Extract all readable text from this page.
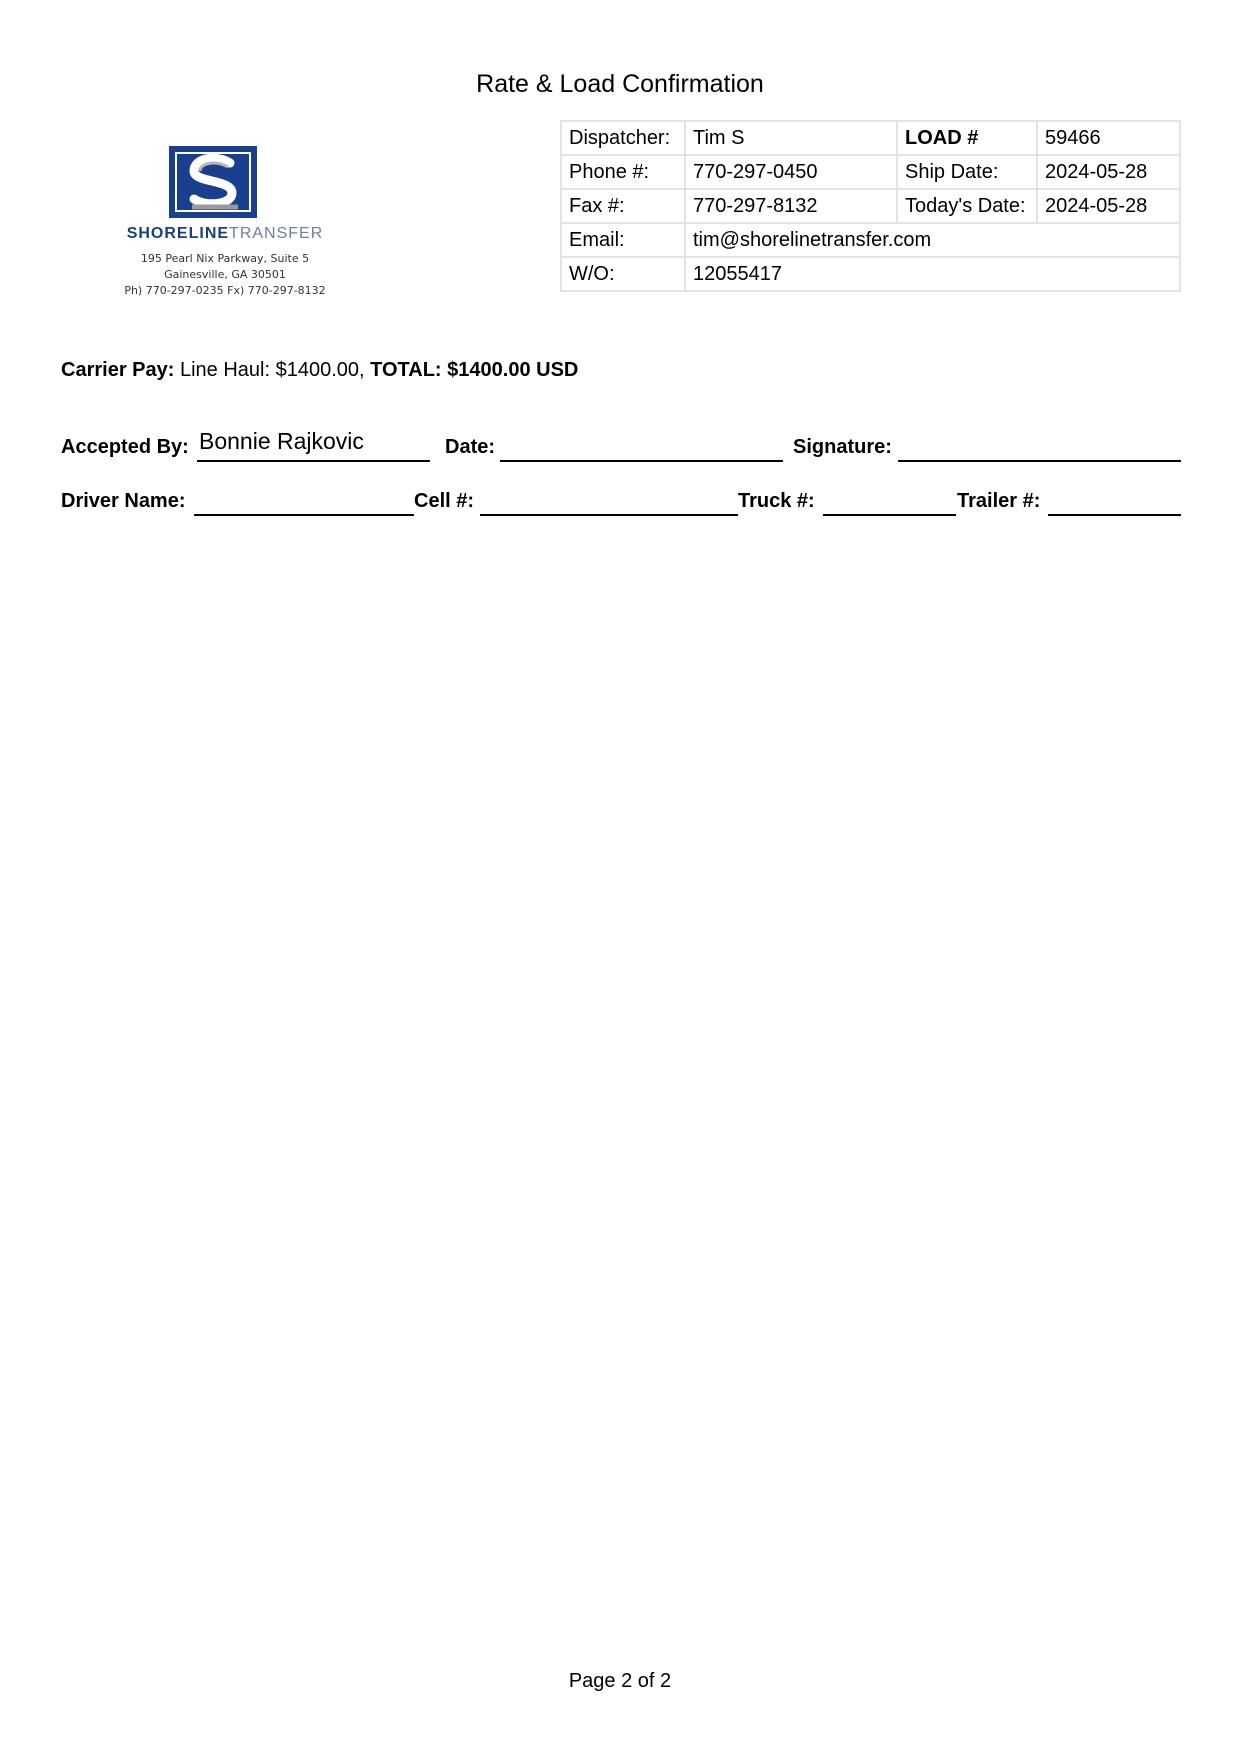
Rate & Load Confirmation
SHORELINETRANSFER
195 Pearl Nix Parkway, Suite 5
Gainesville, GA 30501
Ph) 770-297-0235 Fx) 770-297-8132
Dispatcher:	Tim S	LOAD #	59466
Phone #:	770-297-0450	Ship Date:	2024-05-28
Fax #:	770-297-8132	Today's Date:	2024-05-28
Email:	tim@shorelinetransfer.com		
W/O:	12055417		
Carrier Pay: Line Haul: $1400.00, TOTAL: $1400.00 USD
Accepted By: Bonnie Rajkovic	Date:	Signature:
Driver Name:	Cell #:	Truck #:	Trailer #:
Page 2 of 2
